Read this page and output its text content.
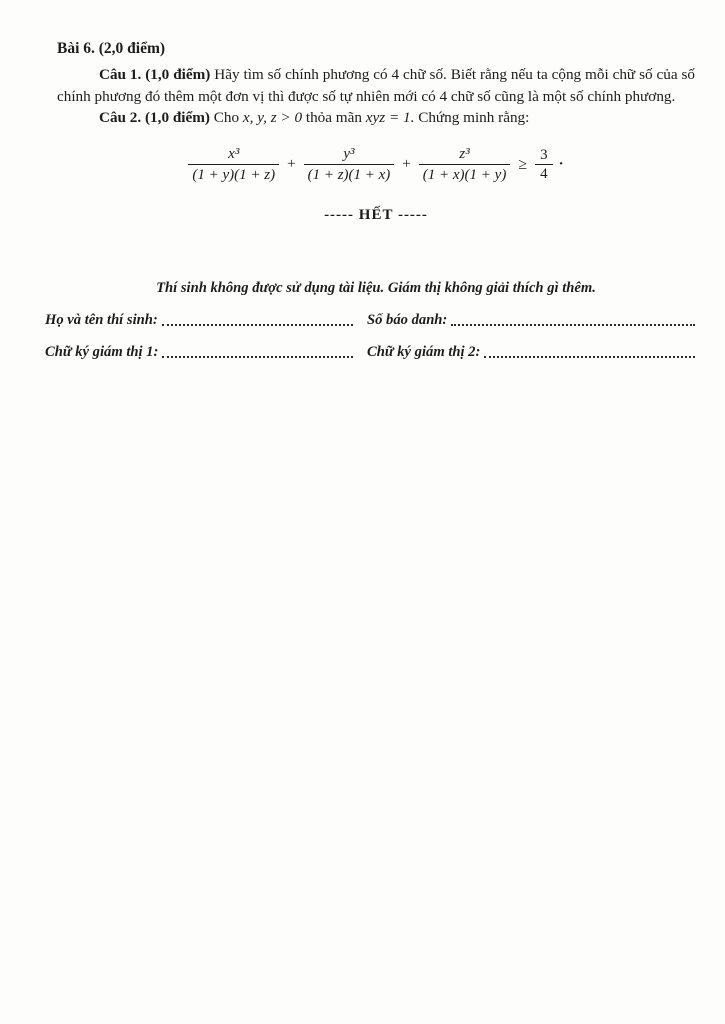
Bài 6. (2,0 điểm)

Câu 1. (1,0 điểm) Hãy tìm số chính phương có 4 chữ số. Biết rằng nếu ta cộng mỗi chữ số của số chính phương đó thêm một đơn vị thì được số tự nhiên mới có 4 chữ số cũng là một số chính phương.

Câu 2. (1,0 điểm) Cho x, y, z > 0 thỏa mãn xyz = 1. Chứng minh rằng:

$\frac{\text{x³}}{(1 + y)(1 + z)} + \frac{\text{y³}}{(1 + z)(1 + x)} + \frac{\text{z³}}{(1 + x)(1 + y)} \ge \frac{3}{4}$ ·
----- HẾT -----
Thí sinh không được sử dụng tài liệu. Giám thị không giải thích gì thêm.
Họ và tên thí sinh:	Số báo danh:
Chữ ký giám thị 1:	Chữ ký giám thị 2:
